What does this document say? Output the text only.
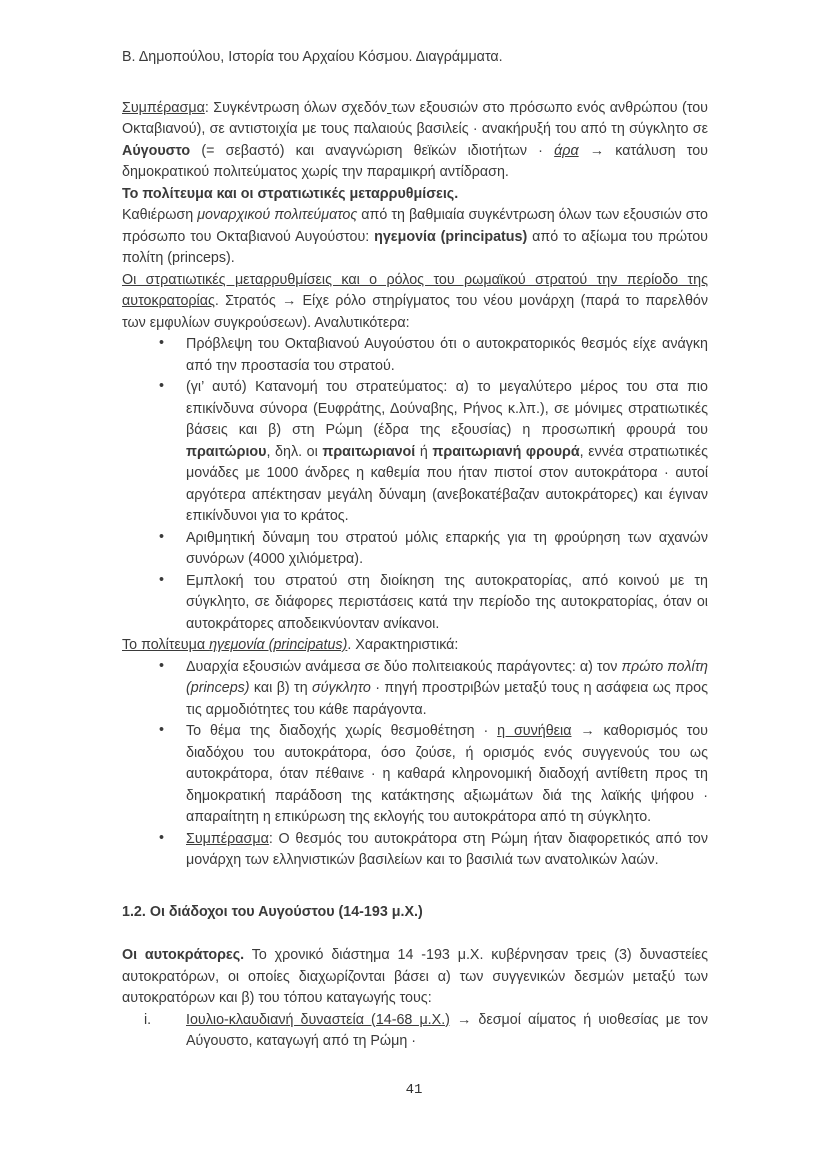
Β. Δημοπούλου, Ιστορία του Αρχαίου Κόσμου. Διαγράμματα.
Συμπέρασμα: Συγκέντρωση όλων σχεδόν των εξουσιών στο πρόσωπο ενός ανθρώπου (του Οκταβιανού), σε αντιστοιχία με τους παλαιούς βασιλείς · ανακήρυξή του από τη σύγκλητο σε Αύγουστο (= σεβαστό) και αναγνώριση θεϊκών ιδιοτήτων · άρα → κατάλυση του δημοκρατικού πολιτεύματος χωρίς την παραμικρή αντίδραση.
Το πολίτευμα και οι στρατιωτικές μεταρρυθμίσεις.
Καθιέρωση μοναρχικού πολιτεύματος από τη βαθμιαία συγκέντρωση όλων των εξουσιών στο πρόσωπο του Οκταβιανού Αυγούστου: ηγεμονία (principatus) από το αξίωμα του πρώτου πολίτη (princeps).
Οι στρατιωτικές μεταρρυθμίσεις και ο ρόλος του ρωμαϊκού στρατού την περίοδο της αυτοκρατορίας. Στρατός → Είχε ρόλο στηρίγματος του νέου μονάρχη (παρά το παρελθόν των εμφυλίων συγκρούσεων). Αναλυτικότερα:
• Πρόβλεψη του Οκταβιανού Αυγούστου ότι ο αυτοκρατορικός θεσμός είχε ανάγκη από την προστασία του στρατού.
• (γι’ αυτό) Κατανομή του στρατεύματος: α) το μεγαλύτερο μέρος του στα πιο επικίνδυνα σύνορα (Ευφράτης, Δούναβης, Ρήνος κ.λπ.), σε μόνιμες στρατιωτικές βάσεις και β) στη Ρώμη (έδρα της εξουσίας) η προσωπική φρουρά του πραιτώριου, δηλ. οι πραιτωριανοί ή πραιτωριανή φρουρά, εννέα στρατιωτικές μονάδες με 1000 άνδρες η καθεμία που ήταν πιστοί στον αυτοκράτορα · αυτοί αργότερα απέκτησαν μεγάλη δύναμη (ανεβοκατέβαζαν αυτοκράτορες) και έγιναν επικίνδυνοι για το κράτος.
• Αριθμητική δύναμη του στρατού μόλις επαρκής για τη φρούρηση των αχανών συνόρων (4000 χιλιόμετρα).
• Εμπλοκή του στρατού στη διοίκηση της αυτοκρατορίας, από κοινού με τη σύγκλητο, σε διάφορες περιστάσεις κατά την περίοδο της αυτοκρατορίας, όταν οι αυτοκράτορες αποδεικνύονταν ανίκανοι.
Το πολίτευμα ηγεμονία (principatus). Χαρακτηριστικά:
• Δυαρχία εξουσιών ανάμεσα σε δύο πολιτειακούς παράγοντες: α) τον πρώτο πολίτη (princeps) και β) τη σύγκλητο · πηγή προστριβών μεταξύ τους η ασάφεια ως προς τις αρμοδιότητες του κάθε παράγοντα.
• Το θέμα της διαδοχής χωρίς θεσμοθέτηση · η συνήθεια → καθορισμός του διαδόχου του αυτοκράτορα, όσο ζούσε, ή ορισμός ενός συγγενούς του ως αυτοκράτορα, όταν πέθαινε · η καθαρά κληρονομική διαδοχή αντίθετη προς τη δημοκρατική παράδοση της κατάκτησης αξιωμάτων διά της λαϊκής ψήφου · απαραίτητη η επικύρωση της εκλογής του αυτοκράτορα από τη σύγκλητο.
• Συμπέρασμα: Ο θεσμός του αυτοκράτορα στη Ρώμη ήταν διαφορετικός από τον μονάρχη των ελληνιστικών βασιλείων και το βασιλιά των ανατολικών λαών.
1.2. Οι διάδοχοι του Αυγούστου (14-193 μ.Χ.)
Οι αυτοκράτορες. Το χρονικό διάστημα 14 -193 μ.Χ. κυβέρνησαν τρεις (3) δυναστείες αυτοκρατόρων, οι οποίες διαχωρίζονται βάσει α) των συγγενικών δεσμών μεταξύ των αυτοκρατόρων και β) του τόπου καταγωγής τους:
i. Ιουλιο-κλαυδιανή δυναστεία (14-68 μ.Χ.) → δεσμοί αίματος ή υιοθεσίας με τον Αύγουστο, καταγωγή από τη Ρώμη ·
41
